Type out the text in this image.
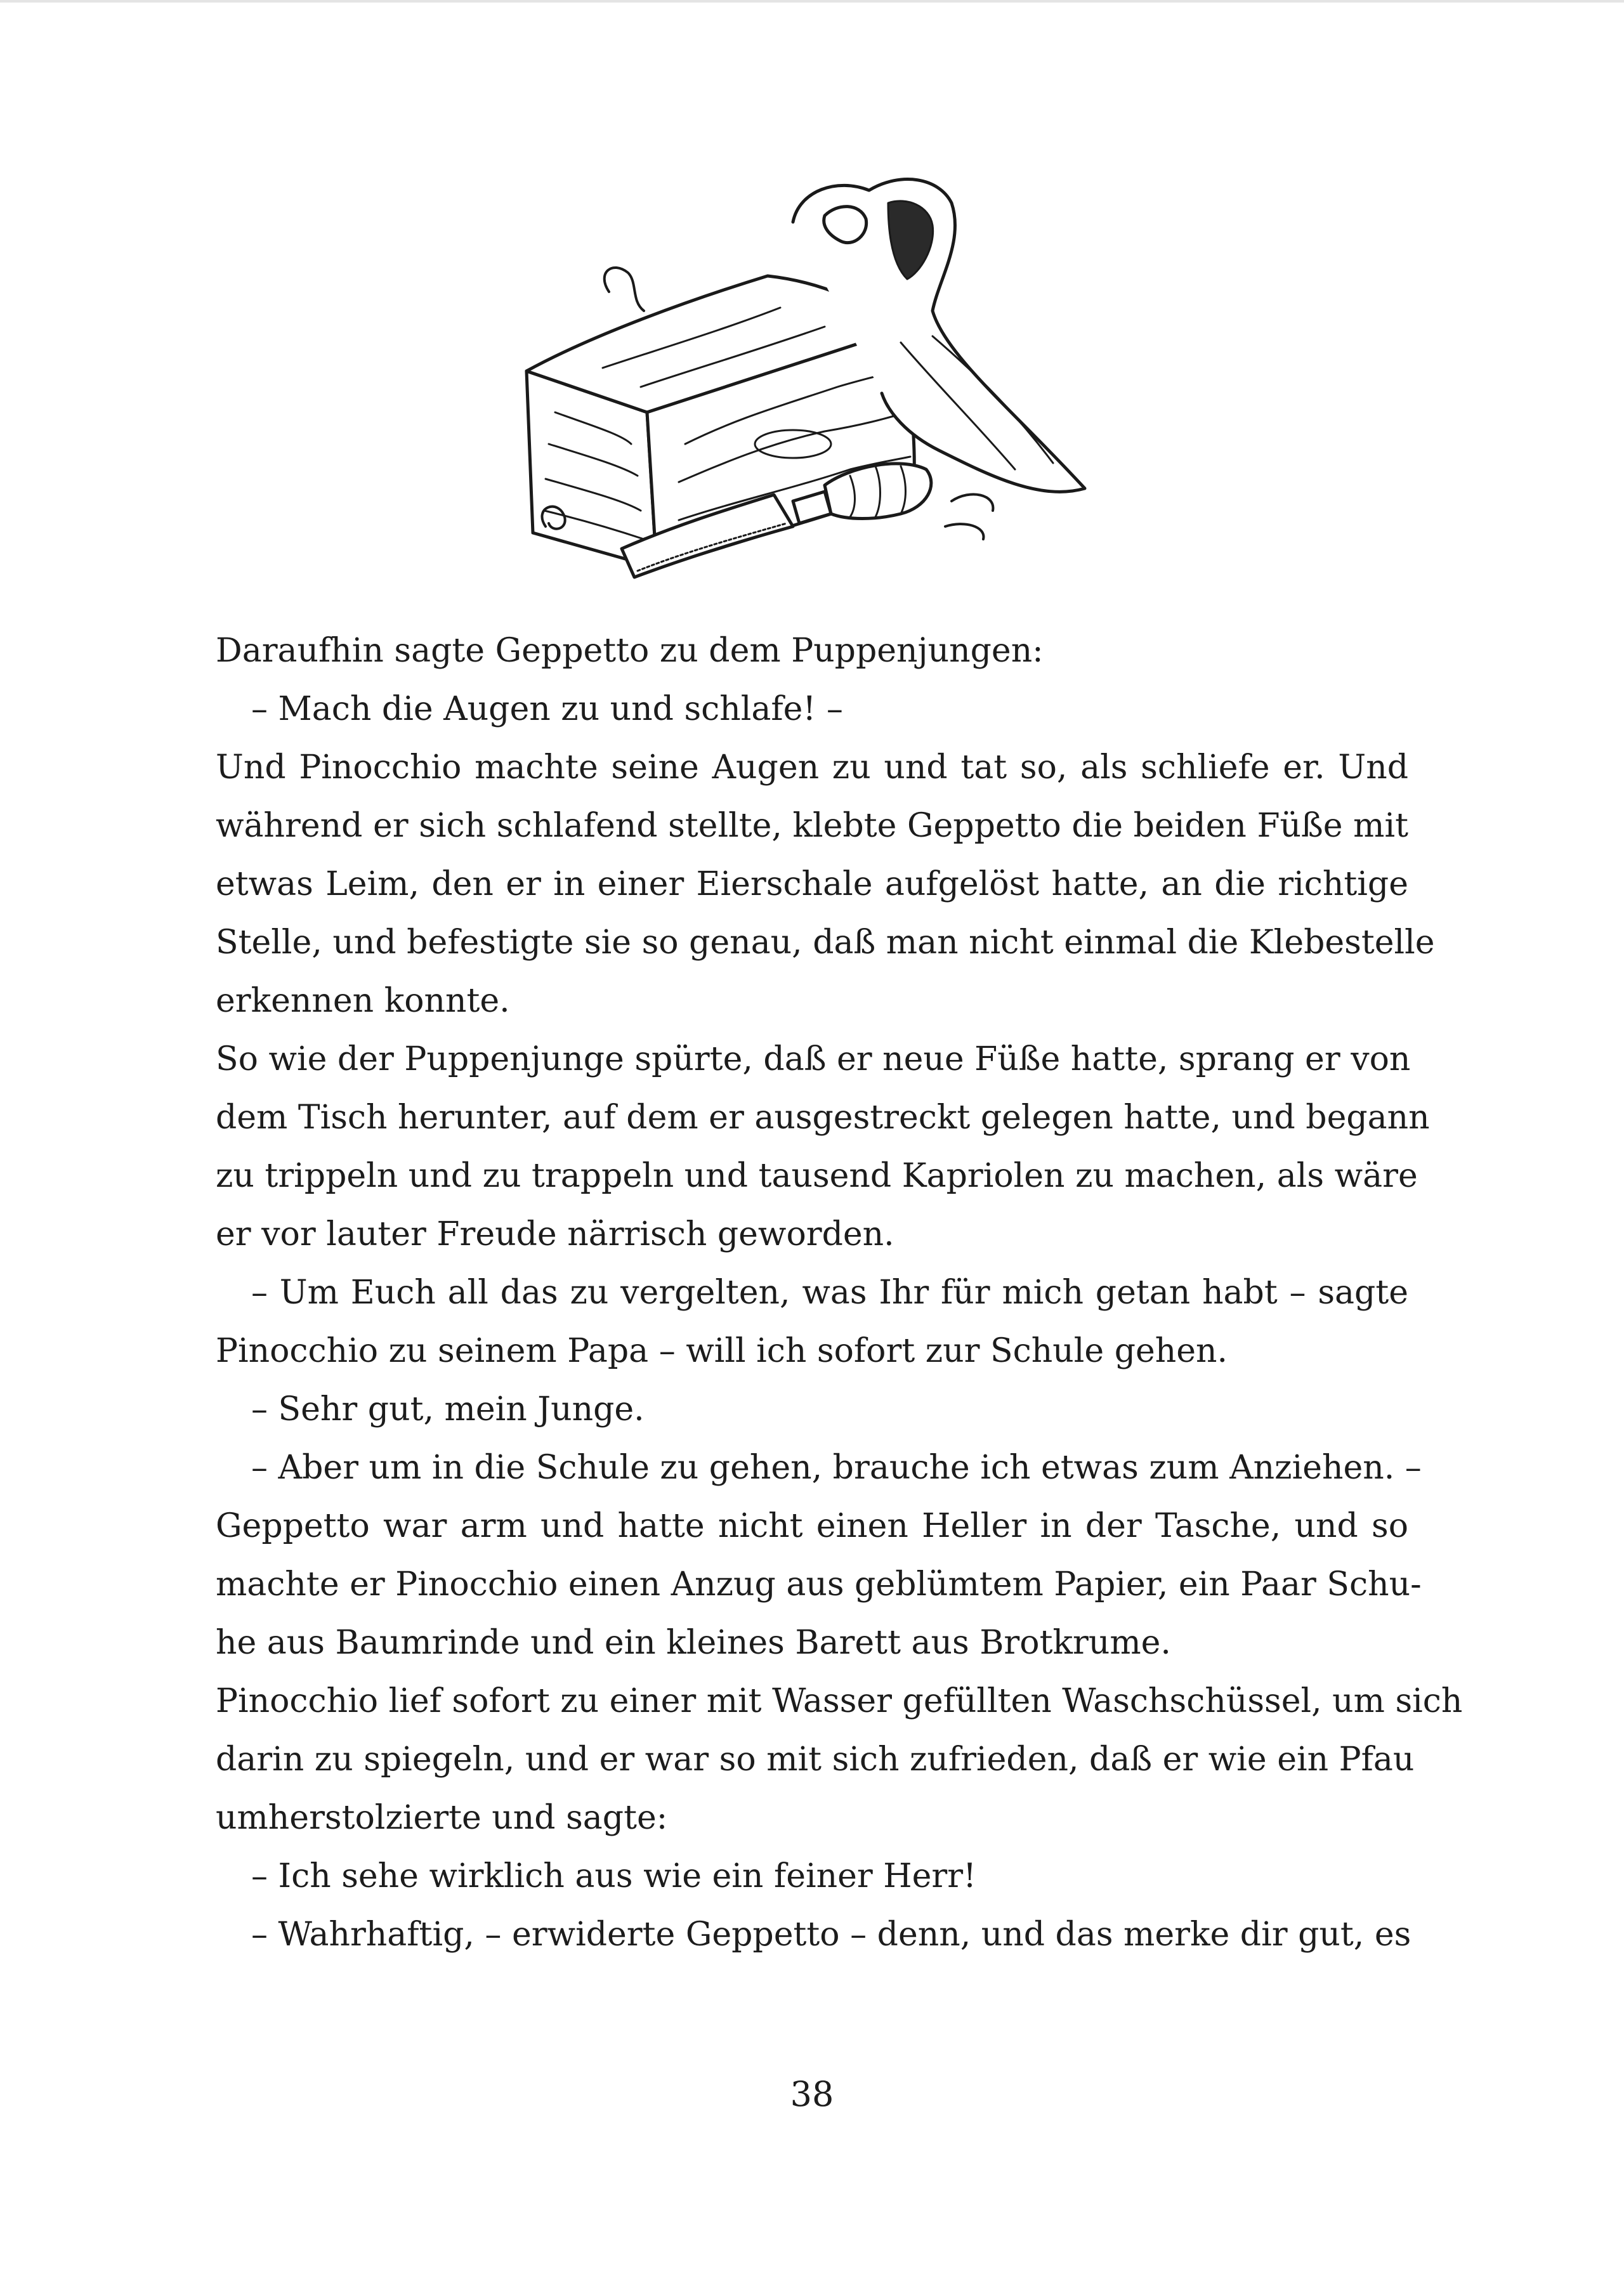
Daraufhin sagte Geppetto zu dem Puppenjungen:
– Mach die Augen zu und schlafe! –
Und Pinocchio machte seine Augen zu und tat so, als schliefe er. Und
während er sich schlafend stellte, klebte Geppetto die beiden Füße mit
etwas Leim, den er in einer Eierschale aufgelöst hatte, an die richtige
Stelle, und befestigte sie so genau, daß man nicht einmal die Klebestelle
erkennen konnte.
So wie der Puppenjunge spürte, daß er neue Füße hatte, sprang er von
dem Tisch herunter, auf dem er ausgestreckt gelegen hatte, und begann
zu trippeln und zu trappeln und tausend Kapriolen zu machen, als wäre
er vor lauter Freude närrisch geworden.
– Um Euch all das zu vergelten, was Ihr für mich getan habt – sagte
Pinocchio zu seinem Papa – will ich sofort zur Schule gehen.
– Sehr gut, mein Junge.
– Aber um in die Schule zu gehen, brauche ich etwas zum Anziehen. –
Geppetto war arm und hatte nicht einen Heller in der Tasche, und so
machte er Pinocchio einen Anzug aus geblümtem Papier, ein Paar Schu-
he aus Baumrinde und ein kleines Barett aus Brotkrume.
Pinocchio lief sofort zu einer mit Wasser gefüllten Waschschüssel, um sich
darin zu spiegeln, und er war so mit sich zufrieden, daß er wie ein Pfau
umherstolzierte und sagte:
– Ich sehe wirklich aus wie ein feiner Herr!
– Wahrhaftig, – erwiderte Geppetto – denn, und das merke dir gut, es
38
